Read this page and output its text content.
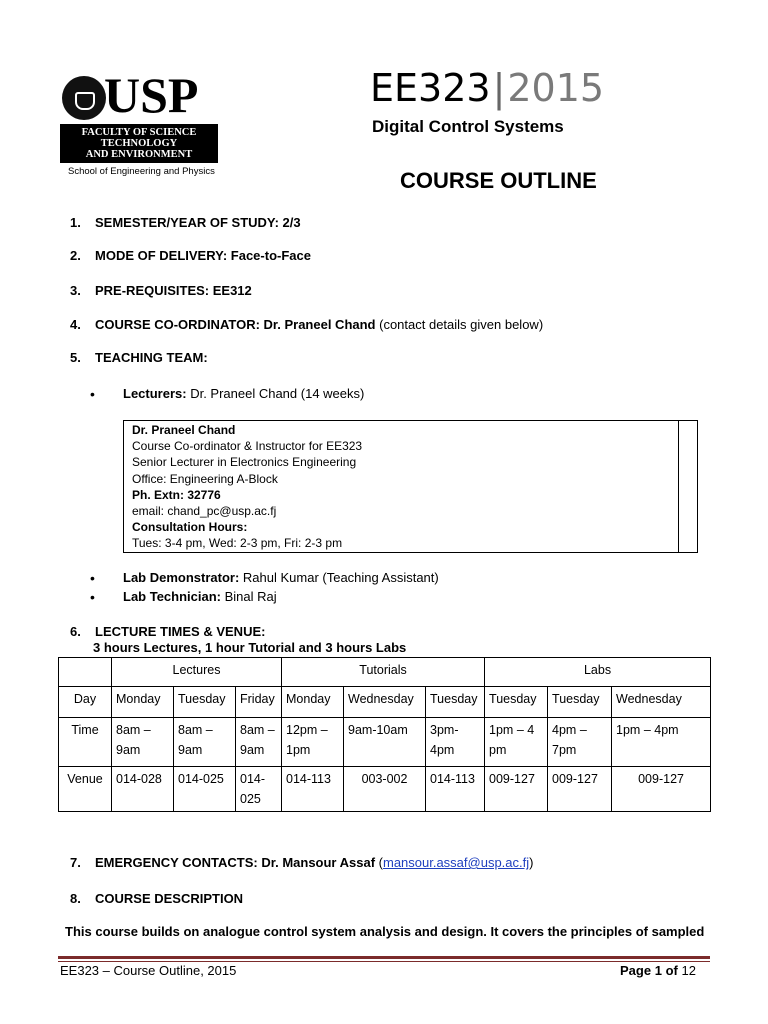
USP
FACULTY OF SCIENCE
TECHNOLOGY
AND ENVIRONMENT
School of Engineering and Physics
EE323|2015
Digital Control Systems
COURSE OUTLINE
1. SEMESTER/YEAR OF STUDY: 2/3
2. MODE OF DELIVERY: Face-to-Face
3. PRE-REQUISITES: EE312
4. COURSE CO-ORDINATOR: Dr. Praneel Chand (contact details given below)
5. TEACHING TEAM:
• Lecturers: Dr. Praneel Chand (14 weeks)
Dr. Praneel Chand
Course Co-ordinator & Instructor for EE323
Senior Lecturer in Electronics Engineering
Office: Engineering A-Block
Ph. Extn: 32776
email: chand_pc@usp.ac.fj
Consultation Hours:
Tues: 3-4 pm, Wed: 2-3 pm, Fri: 2-3 pm
• Lab Demonstrator: Rahul Kumar (Teaching Assistant)
• Lab Technician: Binal Raj
6. LECTURE TIMES & VENUE:
3 hours Lectures, 1 hour Tutorial and 3 hours Labs
	Lectures			Tutorials			Labs		
Day	Monday	Tuesday	Friday	Monday	Wednesday	Tuesday	Tuesday	Tuesday	Wednesday
Time	8am – 9am	8am – 9am	8am – 9am	12pm – 1pm	9am-10am	3pm-4pm	1pm – 4 pm	4pm – 7pm	1pm – 4pm
Venue	014-028	014-025	014-025	014-113	003-002	014-113	009-127	009-127	009-127
7. EMERGENCY CONTACTS: Dr. Mansour Assaf (mansour.assaf@usp.ac.fj)
8. COURSE DESCRIPTION
This course builds on analogue control system analysis and design. It covers the principles of sampled
EE323 – Course Outline, 2015	Page 1 of 12
